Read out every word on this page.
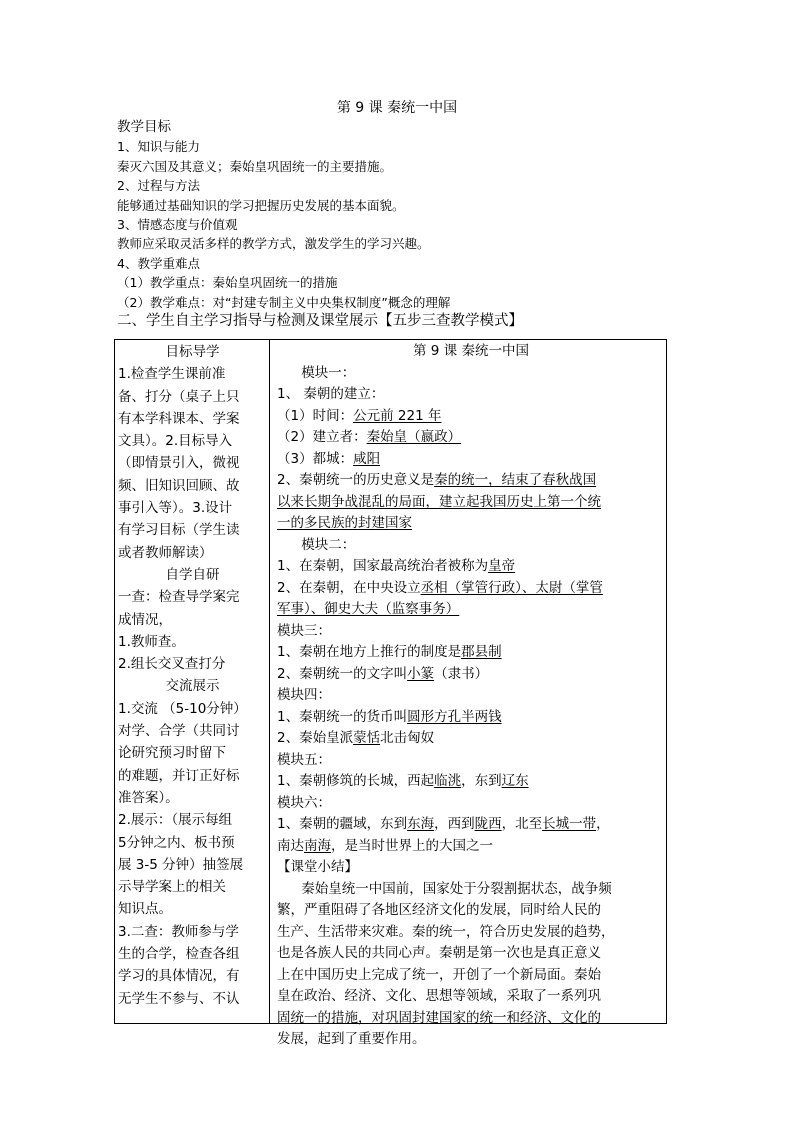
第 9 课 秦统一中国
教学目标
1、知识与能力
秦灭六国及其意义；秦始皇巩固统一的主要措施。
2、过程与方法
能够通过基础知识的学习把握历史发展的基本面貌。
3、情感态度与价值观
教师应采取灵活多样的教学方式，激发学生的学习兴趣。
4、教学重难点
（1）教学重点：秦始皇巩固统一的措施
（2）教学难点：对“封建专制主义中央集权制度”概念的理解
二、学生自主学习指导与检测及课堂展示【五步三查教学模式】
目标导学
1.检查学生课前准
备、打分（桌子上只
有本学科课本、学案
文具）。2.目标导入
（即情景引入，微视
频、旧知识回顾、故
事引入等）。3.设计
有学习目标（学生读
或者教师解读）
自学自研
一查：检查导学案完
成情况，
1.教师查。
2.组长交叉查打分
交流展示
1.交流 （5-10分钟）
对学、合学（共同讨
论研究预习时留下
的难题，并订正好标
准答案）。
2.展示：（展示每组
5分钟之内、板书预
展 3-5 分钟）抽签展
示导学案上的相关
知识点。
3.二查：教师参与学
生的合学，检查各组
学习的具体情况，有
无学生不参与、不认
第 9 课 秦统一中国
模块一：
1、 秦朝的建立：
（1）时间：公元前 221 年
（2）建立者：秦始皇（嬴政）
（3）都城：咸阳
2、秦朝统一的历史意义是秦的统一，结束了春秋战国
以来长期争战混乱的局面，建立起我国历史上第一个统
一的多民族的封建国家
模块二：
1、在秦朝，国家最高统治者被称为皇帝
2、在秦朝，在中央设立丞相（掌管行政）、太尉（掌管
军事）、御史大夫（监察事务）
模块三：
1、秦朝在地方上推行的制度是郡县制
2、秦朝统一的文字叫小篆（隶书）
模块四：
1、秦朝统一的货币叫圆形方孔半两钱
2、秦始皇派蒙恬北击匈奴
模块五：
1、秦朝修筑的长城，西起临洮，东到辽东
模块六：
1、秦朝的疆域，东到东海，西到陇西，北至长城一带，
南达南海，是当时世界上的大国之一
【课堂小结】
秦始皇统一中国前，国家处于分裂割据状态，战争频
繁，严重阻碍了各地区经济文化的发展，同时给人民的
生产、生活带来灾难。秦的统一，符合历史发展的趋势，
也是各族人民的共同心声。秦朝是第一次也是真正意义
上在中国历史上完成了统一，开创了一个新局面。秦始
皇在政治、经济、文化、思想等领域，采取了一系列巩
固统一的措施，对巩固封建国家的统一和经济、文化的
发展，起到了重要作用。
